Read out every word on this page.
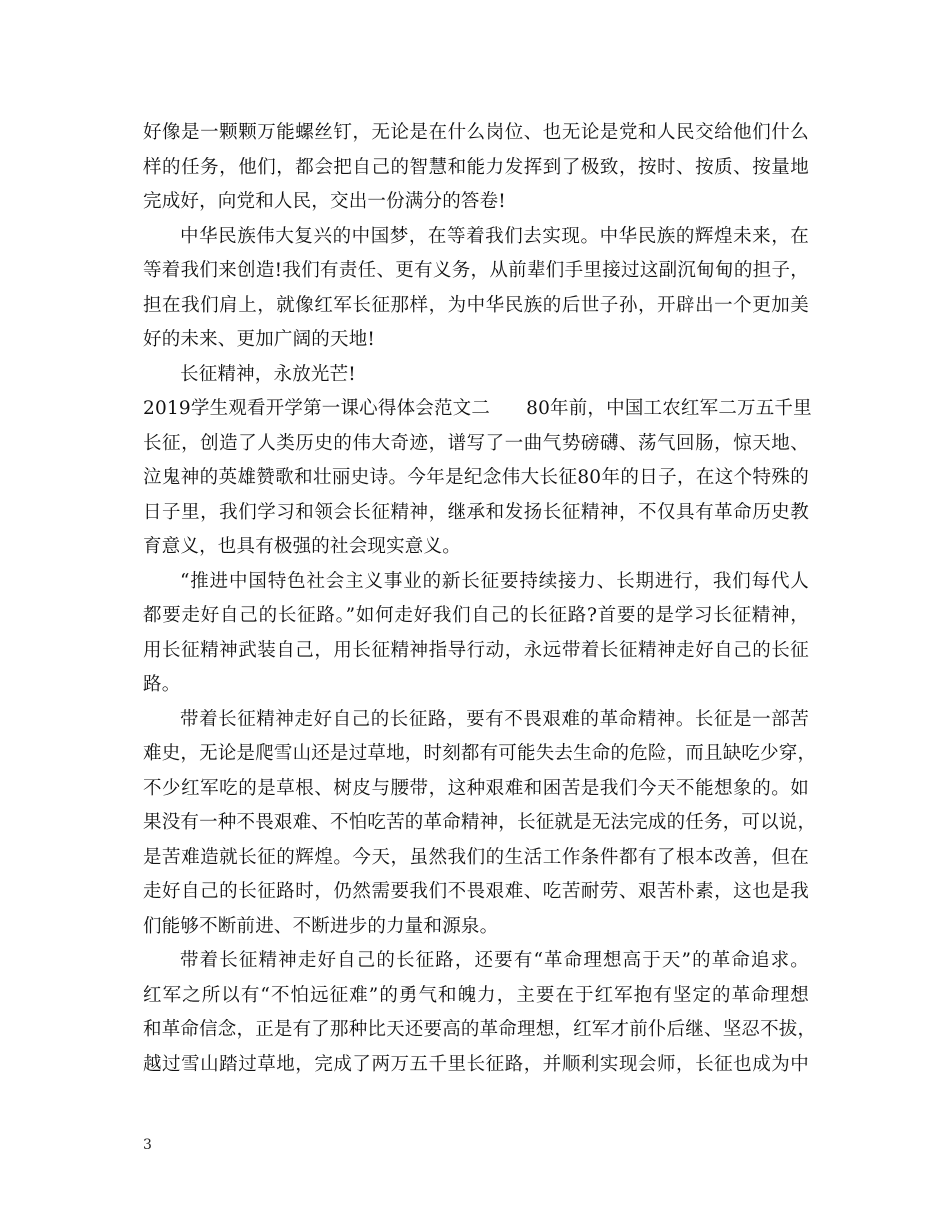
好像是一颗颗万能螺丝钉，无论是在什么岗位、也无论是党和人民交给他们什么
样的任务，他们，都会把自己的智慧和能力发挥到了极致，按时、按质、按量地
完成好，向党和人民，交出一份满分的答卷!
中华民族伟大复兴的中国梦，在等着我们去实现。中华民族的辉煌未来，在
等着我们来创造!我们有责任、更有义务，从前辈们手里接过这副沉甸甸的担子，
担在我们肩上，就像红军长征那样，为中华民族的后世子孙，开辟出一个更加美
好的未来、更加广阔的天地!
长征精神，永放光芒!
2019学生观看开学第一课心得体会范文二 80年前，中国工农红军二万五千里
长征，创造了人类历史的伟大奇迹，谱写了一曲气势磅礴、荡气回肠，惊天地、
泣鬼神的英雄赞歌和壮丽史诗。今年是纪念伟大长征80年的日子，在这个特殊的
日子里，我们学习和领会长征精神，继承和发扬长征精神，不仅具有革命历史教
育意义，也具有极强的社会现实意义。
“推进中国特色社会主义事业的新长征要持续接力、长期进行，我们每代人
都要走好自己的长征路。”如何走好我们自己的长征路?首要的是学习长征精神，
用长征精神武装自己，用长征精神指导行动，永远带着长征精神走好自己的长征
路。
带着长征精神走好自己的长征路，要有不畏艰难的革命精神。长征是一部苦
难史，无论是爬雪山还是过草地，时刻都有可能失去生命的危险，而且缺吃少穿，
不少红军吃的是草根、树皮与腰带，这种艰难和困苦是我们今天不能想象的。如
果没有一种不畏艰难、不怕吃苦的革命精神，长征就是无法完成的任务，可以说，
是苦难造就长征的辉煌。今天，虽然我们的生活工作条件都有了根本改善，但在
走好自己的长征路时，仍然需要我们不畏艰难、吃苦耐劳、艰苦朴素，这也是我
们能够不断前进、不断进步的力量和源泉。
带着长征精神走好自己的长征路，还要有“革命理想高于天”的革命追求。
红军之所以有“不怕远征难”的勇气和魄力，主要在于红军抱有坚定的革命理想
和革命信念，正是有了那种比天还要高的革命理想，红军才前仆后继、坚忍不拔，
越过雪山踏过草地，完成了两万五千里长征路，并顺利实现会师，长征也成为中
3
